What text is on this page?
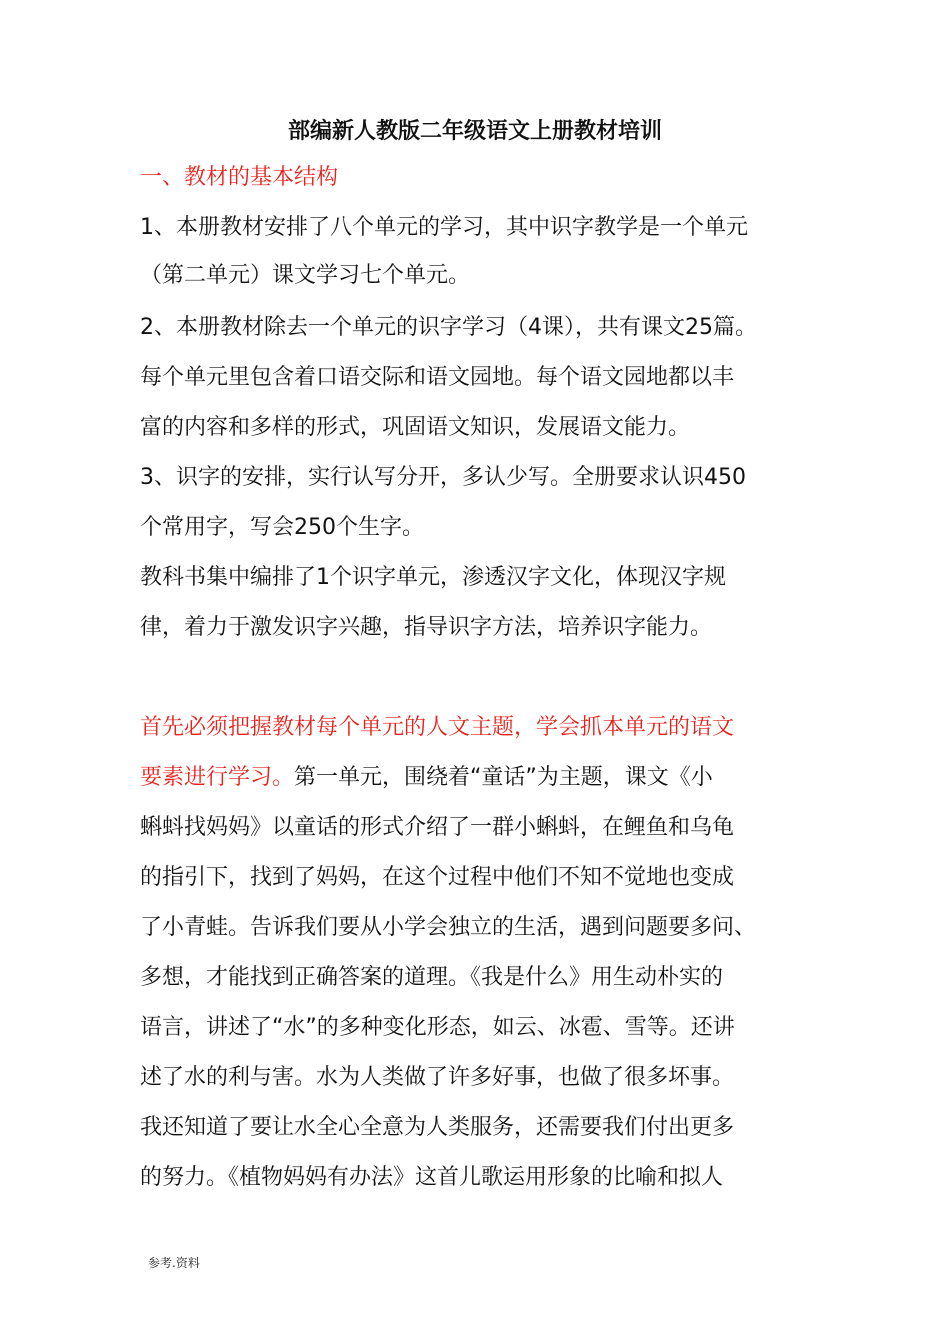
部编新人教版二年级语文上册教材培训
一、教材的基本结构
1、本册教材安排了八个单元的学习，其中识字教学是一个单元
（第二单元）课文学习七个单元。
2、本册教材除去一个单元的识字学习（4课），共有课文25篇。
每个单元里包含着口语交际和语文园地。每个语文园地都以丰
富的内容和多样的形式，巩固语文知识，发展语文能力。
3、识字的安排，实行认写分开，多认少写。全册要求认识450
个常用字，写会250个生字。
教科书集中编排了1个识字单元，渗透汉字文化，体现汉字规
律，着力于激发识字兴趣，指导识字方法，培养识字能力。
首先必须把握教材每个单元的人文主题，学会抓本单元的语文
要素进行学习。第一单元，围绕着“童话”为主题，课文《小
蝌蚪找妈妈》以童话的形式介绍了一群小蝌蚪，在鲤鱼和乌龟
的指引下，找到了妈妈，在这个过程中他们不知不觉地也变成
了小青蛙。告诉我们要从小学会独立的生活，遇到问题要多问、
多想，才能找到正确答案的道理。《我是什么》用生动朴实的
语言，讲述了“水”的多种变化形态，如云、冰雹、雪等。还讲
述了水的利与害。水为人类做了许多好事，也做了很多坏事。
我还知道了要让水全心全意为人类服务，还需要我们付出更多
的努力。《植物妈妈有办法》这首儿歌运用形象的比喻和拟人
参考.资料
